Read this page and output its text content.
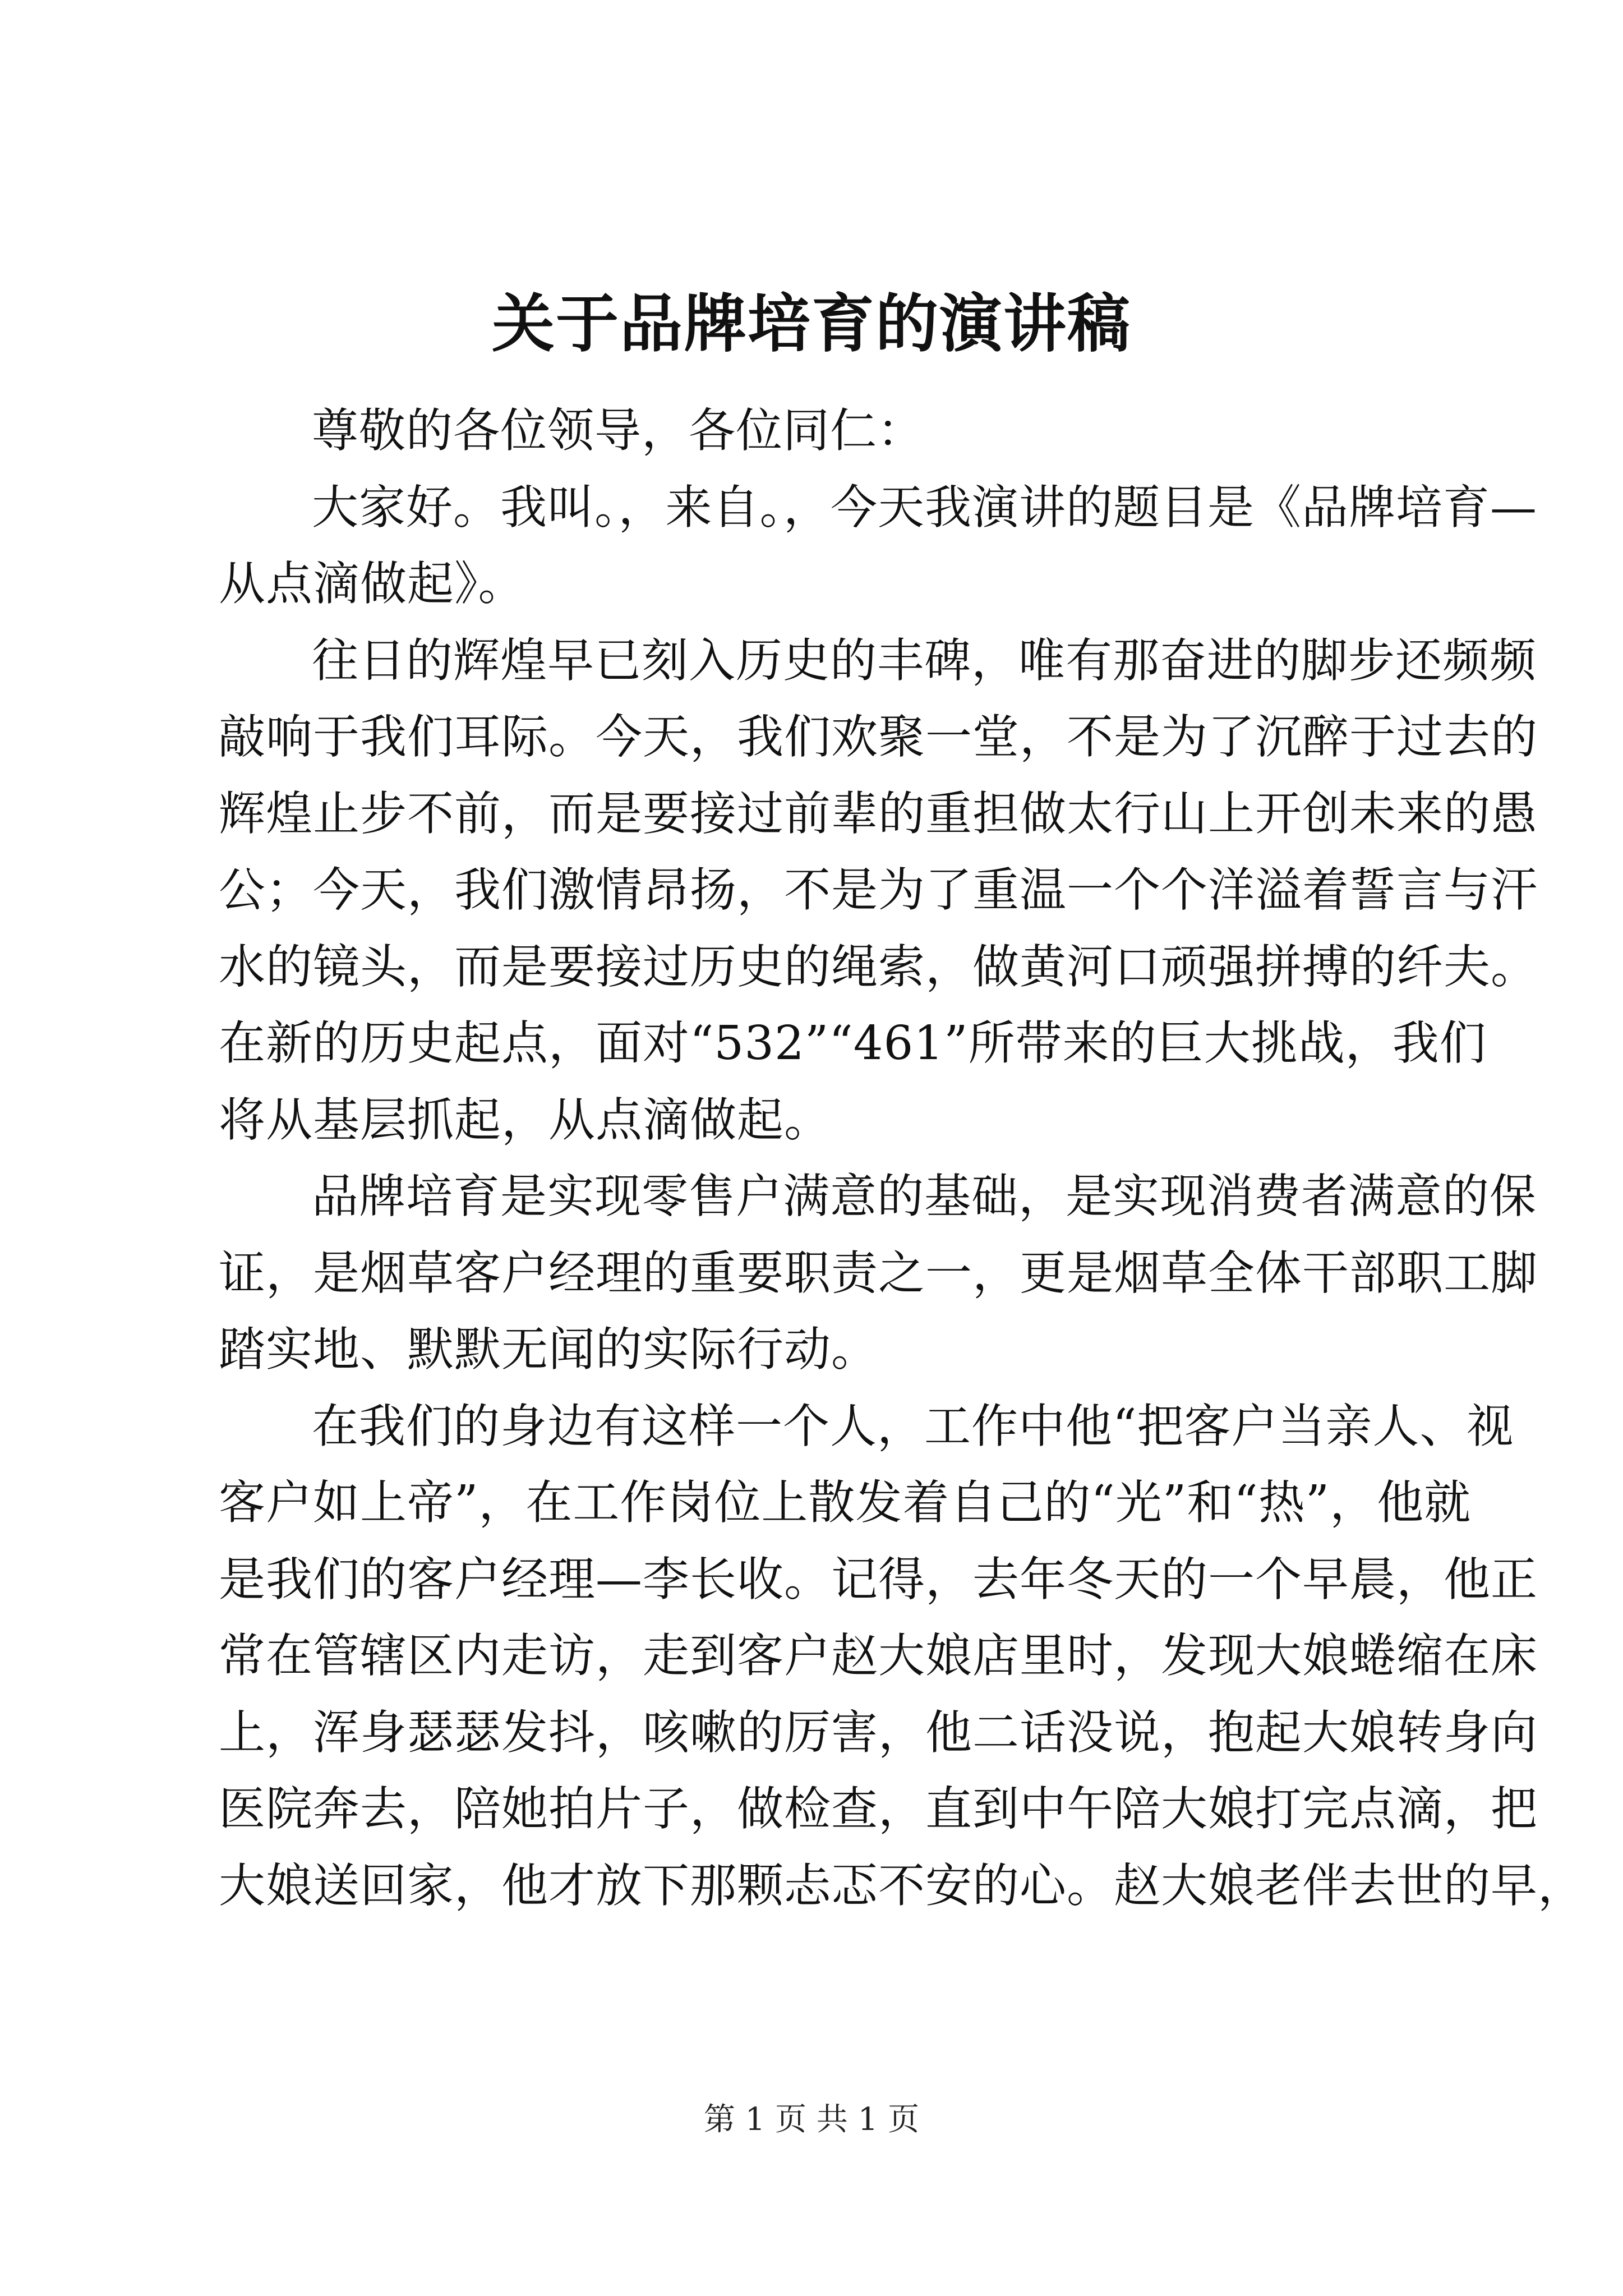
关于品牌培育的演讲稿
尊敬的各位领导，各位同仁：
大家好。我叫。，来自。，今天我演讲的题目是《品牌培育—
从点滴做起》。
往日的辉煌早已刻入历史的丰碑，唯有那奋进的脚步还频频
敲响于我们耳际。今天，我们欢聚一堂，不是为了沉醉于过去的
辉煌止步不前，而是要接过前辈的重担做太行山上开创未来的愚
公；今天，我们激情昂扬，不是为了重温一个个洋溢着誓言与汗
水的镜头，而是要接过历史的绳索，做黄河口顽强拼搏的纤夫。
在新的历史起点，面对“532”“461”所带来的巨大挑战，我们
将从基层抓起，从点滴做起。
品牌培育是实现零售户满意的基础，是实现消费者满意的保
证，是烟草客户经理的重要职责之一，更是烟草全体干部职工脚
踏实地、默默无闻的实际行动。
在我们的身边有这样一个人，工作中他“把客户当亲人、视
客户如上帝”，在工作岗位上散发着自己的“光”和“热”，他就
是我们的客户经理—李长收。记得，去年冬天的一个早晨，他正
常在管辖区内走访，走到客户赵大娘店里时，发现大娘蜷缩在床
上，浑身瑟瑟发抖，咳嗽的厉害，他二话没说，抱起大娘转身向
医院奔去，陪她拍片子，做检查，直到中午陪大娘打完点滴，把
大娘送回家，他才放下那颗忐忑不安的心。赵大娘老伴去世的早，
第 1 页 共 1 页
